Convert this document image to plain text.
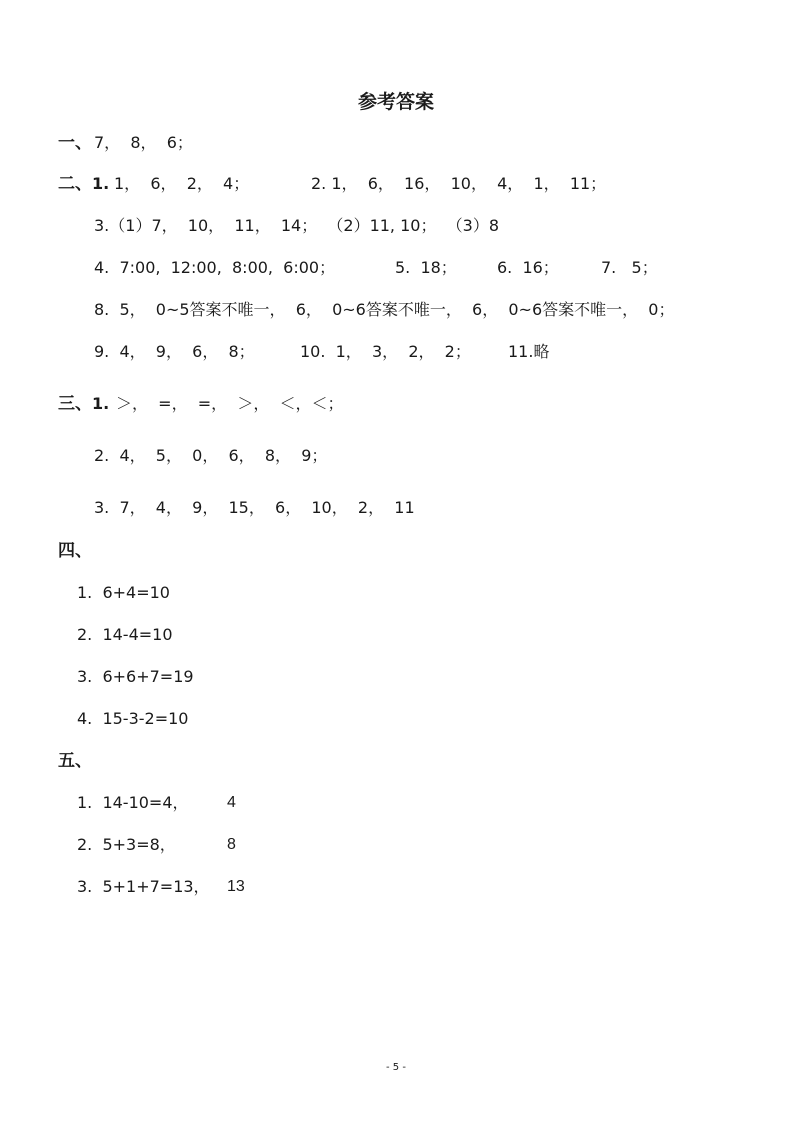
参考答案
一、 7，  8，  6；
二、 1. 1，  6，  2，  4；	2. 1，  6，  16，  10，  4，  1，  11；
3.（1）7，  10，  11，  14；  （2）11, 10；  （3）8
4.  7:00,  12:00,  8:00,  6:00；	5.  18；	6.  16；	7.   5；
8.  5，  0~5答案不唯一，  6，  0~6答案不唯一，  6，  0~6答案不唯一，  0；
9.  4，  9，  6，  8；	10.  1，  3，  2，  2； 11.略
三、 1. ＞，  =，  =，  ＞，  ＜，＜；
2.  4，  5，  0，  6，  8，  9；
3.  7，  4，  9，  15，  6，  10，  2，  11
四、
1.  6+4=10
2.  14-4=10
3.  6+6+7=19
4.  15-3-2=10
五、
1.  14-10=4， 4
2.  5+3=8，	8
3.  5+1+7=13， 13
- 5 -
